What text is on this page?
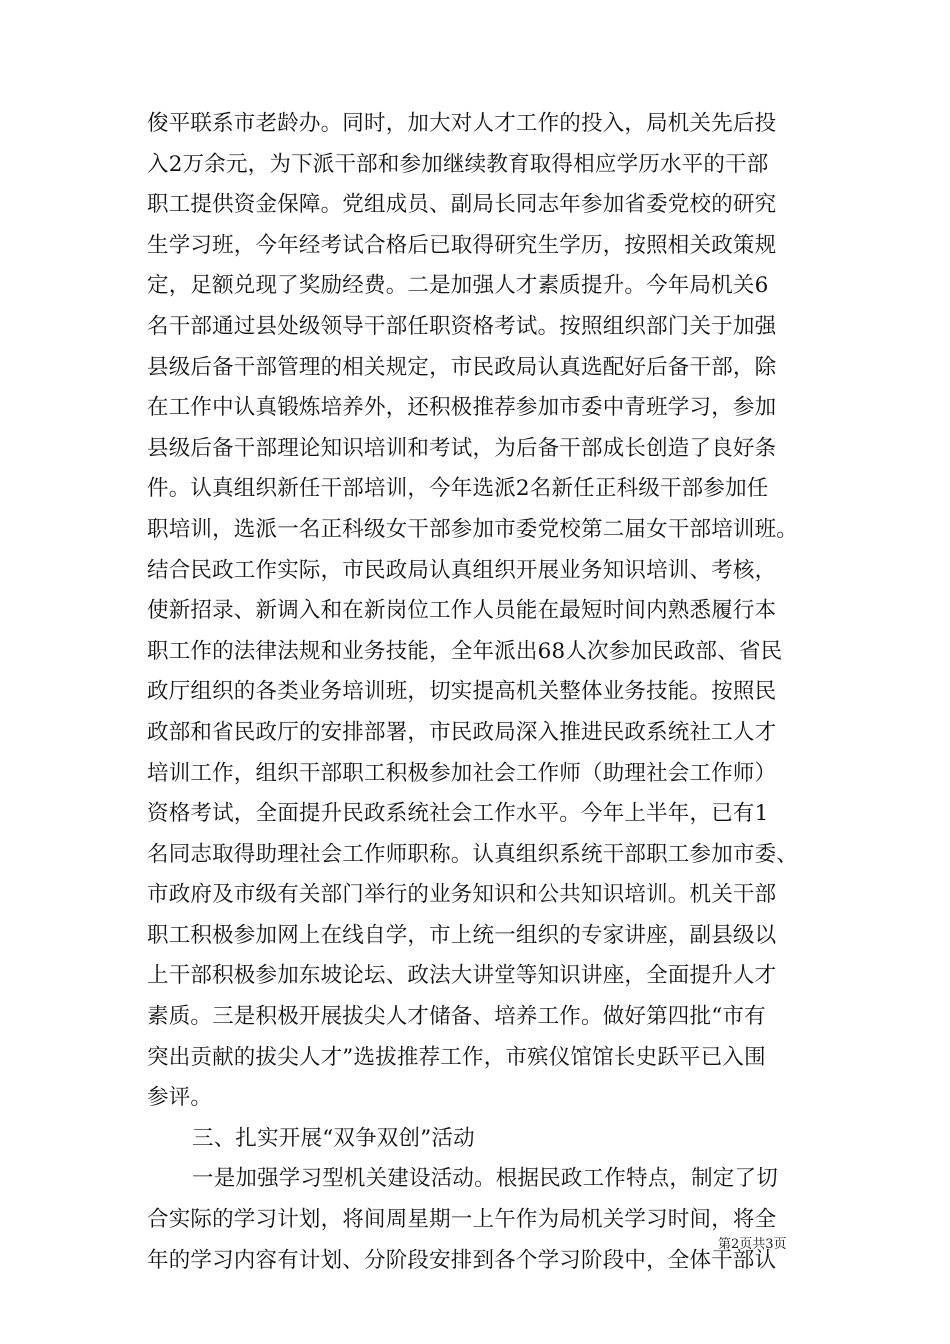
俊平联系市老龄办。同时，加大对人才工作的投入，局机关先后投
入2万余元，为下派干部和参加继续教育取得相应学历水平的干部
职工提供资金保障。党组成员、副局长同志年参加省委党校的研究
生学习班，今年经考试合格后已取得研究生学历，按照相关政策规
定，足额兑现了奖励经费。二是加强人才素质提升。今年局机关6
名干部通过县处级领导干部任职资格考试。按照组织部门关于加强
县级后备干部管理的相关规定，市民政局认真选配好后备干部，除
在工作中认真锻炼培养外，还积极推荐参加市委中青班学习，参加
县级后备干部理论知识培训和考试，为后备干部成长创造了良好条
件。认真组织新任干部培训，今年选派2名新任正科级干部参加任
职培训，选派一名正科级女干部参加市委党校第二届女干部培训班。
结合民政工作实际，市民政局认真组织开展业务知识培训、考核，
使新招录、新调入和在新岗位工作人员能在最短时间内熟悉履行本
职工作的法律法规和业务技能，全年派出68人次参加民政部、省民
政厅组织的各类业务培训班，切实提高机关整体业务技能。按照民
政部和省民政厅的安排部署，市民政局深入推进民政系统社工人才
培训工作，组织干部职工积极参加社会工作师（助理社会工作师）
资格考试，全面提升民政系统社会工作水平。今年上半年，已有1
名同志取得助理社会工作师职称。认真组织系统干部职工参加市委、
市政府及市级有关部门举行的业务知识和公共知识培训。机关干部
职工积极参加网上在线自学，市上统一组织的专家讲座，副县级以
上干部积极参加东坡论坛、政法大讲堂等知识讲座，全面提升人才
素质。三是积极开展拔尖人才储备、培养工作。做好第四批“市有
突出贡献的拔尖人才”选拔推荐工作，市殡仪馆馆长史跃平已入围
参评。
三、扎实开展“双争双创”活动
一是加强学习型机关建设活动。根据民政工作特点，制定了切
合实际的学习计划，将间周星期一上午作为局机关学习时间，将全
年的学习内容有计划、分阶段安排到各个学习阶段中，全体干部认
第2页共3页
